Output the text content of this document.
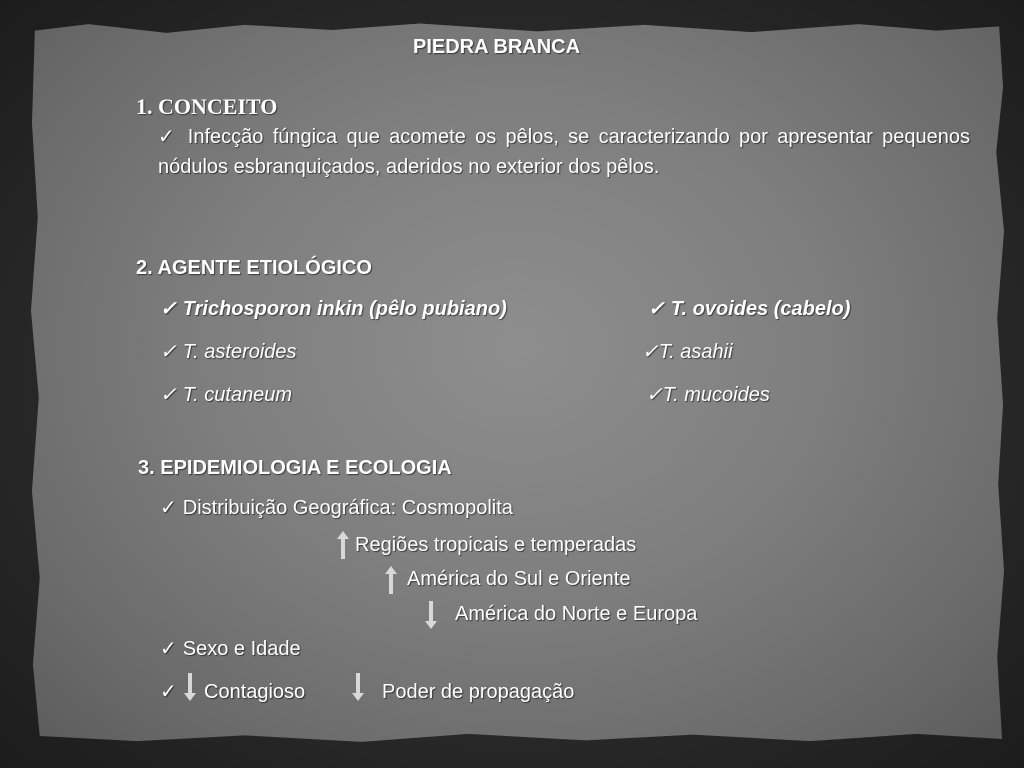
PIEDRA BRANCA
1. CONCEITO
✓ Infecção fúngica que acomete os pêlos, se caracterizando por apresentar pequenos nódulos esbranquiçados, aderidos no exterior dos pêlos.
2. AGENTE ETIOLÓGICO
✓ Trichosporon inkin (pêlo pubiano)	✓ T. ovoides (cabelo)
✓ T. asteroides	✓T. asahii
✓ T. cutaneum	✓T. mucoides
3. EPIDEMIOLOGIA E ECOLOGIA
✓ Distribuição Geográfica: Cosmopolita
Regiões tropicais e temperadas
América do Sul e Oriente
América do Norte e Europa
✓ Sexo e Idade
✓ Contagioso	Poder de propagação
